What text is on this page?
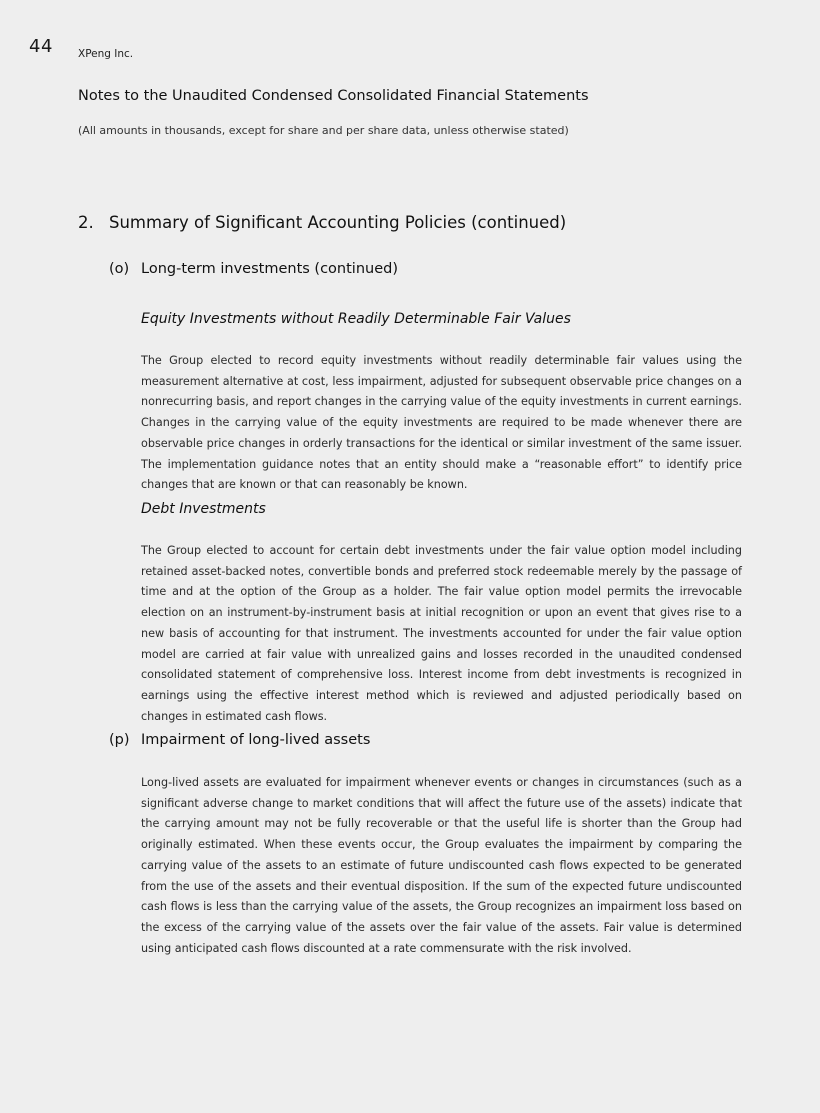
44 XPeng Inc.
Notes to the Unaudited Condensed Consolidated Financial Statements
(All amounts in thousands, except for share and per share data, unless otherwise stated)
2. Summary of Significant Accounting Policies (continued)
(o) Long-term investments (continued)
Equity Investments without Readily Determinable Fair Values

The Group elected to record equity investments without readily determinable fair values using the measurement alternative at cost, less impairment, adjusted for subsequent observable price changes on a nonrecurring basis, and report changes in the carrying value of the equity investments in current earnings. Changes in the carrying value of the equity investments are required to be made whenever there are observable price changes in orderly transactions for the identical or similar investment of the same issuer. The implementation guidance notes that an entity should make a “reasonable effort” to identify price changes that are known or that can reasonably be known.

Debt Investments

The Group elected to account for certain debt investments under the fair value option model including retained asset-backed notes, convertible bonds and preferred stock redeemable merely by the passage of time and at the option of the Group as a holder. The fair value option model permits the irrevocable election on an instrument-by-instrument basis at initial recognition or upon an event that gives rise to a new basis of accounting for that instrument. The investments accounted for under the fair value option model are carried at fair value with unrealized gains and losses recorded in the unaudited condensed consolidated statement of comprehensive loss. Interest income from debt investments is recognized in earnings using the effective interest method which is reviewed and adjusted periodically based on changes in estimated cash flows.

(p) Impairment of long-lived assets

Long-lived assets are evaluated for impairment whenever events or changes in circumstances (such as a significant adverse change to market conditions that will affect the future use of the assets) indicate that the carrying amount may not be fully recoverable or that the useful life is shorter than the Group had originally estimated. When these events occur, the Group evaluates the impairment by comparing the carrying value of the assets to an estimate of future undiscounted cash flows expected to be generated from the use of the assets and their eventual disposition. If the sum of the expected future undiscounted cash flows is less than the carrying value of the assets, the Group recognizes an impairment loss based on the excess of the carrying value of the assets over the fair value of the assets. Fair value is determined using anticipated cash flows discounted at a rate commensurate with the risk involved.
